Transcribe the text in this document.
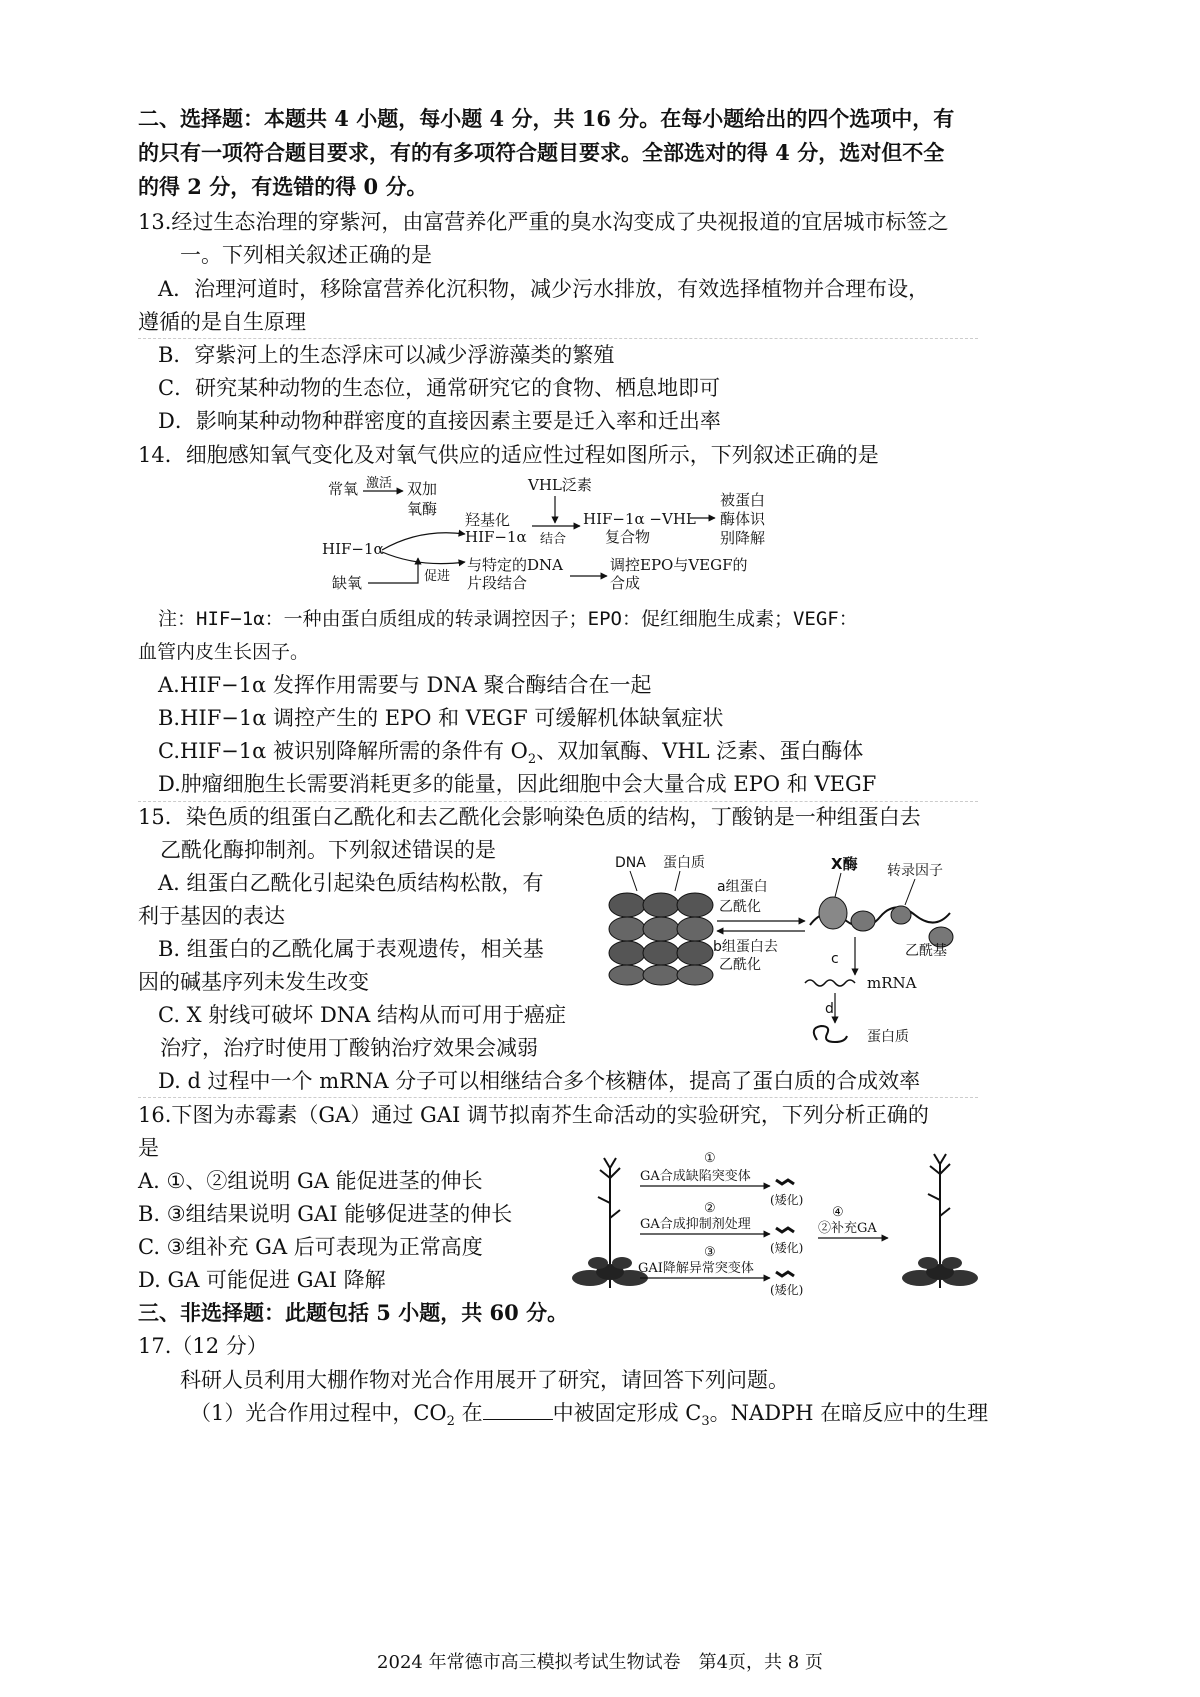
二、选择题：本题共 4 小题，每小题 4 分，共 16 分。在每小题给出的四个选项中，有
的只有一项符合题目要求，有的有多项符合题目要求。全部选对的得 4 分，选对但不全
的得 2 分，有选错的得 0 分。
13.经过生态治理的穿紫河，由富营养化严重的臭水沟变成了央视报道的宜居城市标签之
一。下列相关叙述正确的是
A．治理河道时，移除富营养化沉积物，减少污水排放，有效选择植物并合理布设，
遵循的是自生原理
B．穿紫河上的生态浮床可以减少浮游藻类的繁殖
C．研究某种动物的生态位，通常研究它的食物、栖息地即可
D．影响某种动物种群密度的直接因素主要是迁入率和迁出率
14．细胞感知氧气变化及对氧气供应的适应性过程如图所示，下列叙述正确的是
常氧 激活 双加
氧酶
VHL泛素
羟基化
HIF−1α 结合
HIF−1α −VHL
复合物
被蛋白
酶体识
别降解
HIF−1α
与特定的DNA
片段结合
调控EPO与VEGF的
合成
缺氧	促进
注：HIF−1α：一种由蛋白质组成的转录调控因子；EPO：促红细胞生成素；VEGF：
血管内皮生长因子。
A.HIF−1α 发挥作用需要与 DNA 聚合酶结合在一起
B.HIF−1α 调控产生的 EPO 和 VEGF 可缓解机体缺氧症状
C.HIF−1α 被识别降解所需的条件有 $O_2$、双加氧酶、VHL 泛素、蛋白酶体
D.肿瘤细胞生长需要消耗更多的能量，因此细胞中会大量合成 EPO 和 VEGF
15．染色质的组蛋白乙酰化和去乙酰化会影响染色质的结构，丁酸钠是一种组蛋白去
乙酰化酶抑制剂。下列叙述错误的是
A. 组蛋白乙酰化引起染色质结构松散，有
利于基因的表达
B. 组蛋白的乙酰化属于表观遗传，相关基
因的碱基序列未发生改变
C. X 射线可破坏 DNA 结构从而可用于癌症
治疗，治疗时使用丁酸钠治疗效果会减弱
D. d 过程中一个 mRNA 分子可以相继结合多个核糖体，提高了蛋白质的合成效率
DNA 蛋白质
a组蛋白
乙酰化
b组蛋白去
乙酰化
X酶 转录因子
乙酰基
c
mRNA
d
蛋白质
16.下图为赤霉素（GA）通过 GAI 调节拟南芥生命活动的实验研究，下列分析正确的
是
A. ①、②组说明 GA 能促进茎的伸长
B. ③组结果说明 GAI 能够促进茎的伸长
C. ③组补充 GA 后可表现为正常高度
D. GA 可能促进 GAI 降解
①
GA合成缺陷突变体
(矮化)
②
GA合成抑制剂处理
(矮化)
④
②补充GA
③
GAI降解异常突变体
(矮化)
三、非选择题：此题包括 5 小题，共 60 分。
17.（12 分）
科研人员利用大棚作物对光合作用展开了研究，请回答下列问题。
（1）光合作用过程中，$CO_2$ 在	中被固定形成 $C_3$。NADPH 在暗反应中的生理
2024 年常德市高三模拟考试生物试卷　第4页，共 8 页
